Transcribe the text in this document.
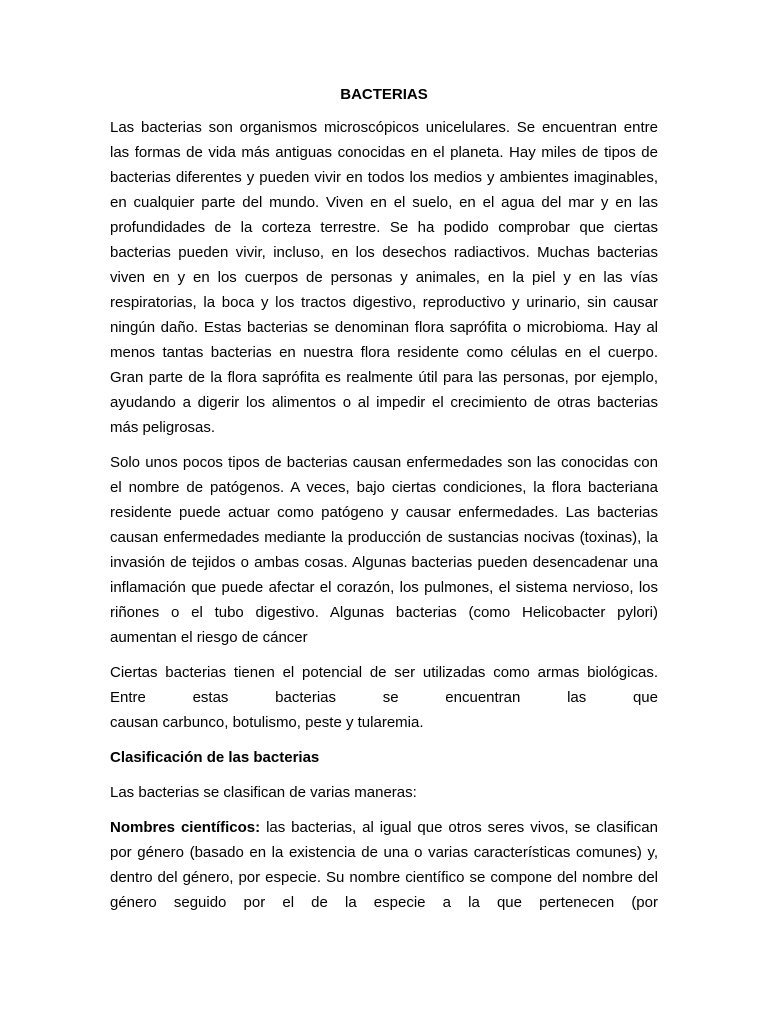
BACTERIAS

Las bacterias son organismos microscópicos unicelulares. Se encuentran entre las formas de vida más antiguas conocidas en el planeta. Hay miles de tipos de bacterias diferentes y pueden vivir en todos los medios y ambientes imaginables, en cualquier parte del mundo. Viven en el suelo, en el agua del mar y en las profundidades de la corteza terrestre. Se ha podido comprobar que ciertas bacterias pueden vivir, incluso, en los desechos radiactivos. Muchas bacterias viven en y en los cuerpos de personas y animales, en la piel y en las vías respiratorias, la boca y los tractos digestivo, reproductivo y urinario, sin causar ningún daño. Estas bacterias se denominan flora saprófita o microbioma. Hay al menos tantas bacterias en nuestra flora residente como células en el cuerpo. Gran parte de la flora saprófita es realmente útil para las personas, por ejemplo, ayudando a digerir los alimentos o al impedir el crecimiento de otras bacterias más peligrosas.

Solo unos pocos tipos de bacterias causan enfermedades son las conocidas con el nombre de patógenos. A veces, bajo ciertas condiciones, la flora bacteriana residente puede actuar como patógeno y causar enfermedades. Las bacterias causan enfermedades mediante la producción de sustancias nocivas (toxinas), la invasión de tejidos o ambas cosas. Algunas bacterias pueden desencadenar una inflamación que puede afectar el corazón, los pulmones, el sistema nervioso, los riñones o el tubo digestivo. Algunas bacterias (como Helicobacter pylori) aumentan el riesgo de cáncer

Ciertas bacterias tienen el potencial de ser utilizadas como armas biológicas.
Entre estas bacterias se encuentran las que
causan carbunco, botulismo, peste y tularemia.

Clasificación de las bacterias

Las bacterias se clasifican de varias maneras:

Nombres científicos: las bacterias, al igual que otros seres vivos, se clasifican por género (basado en la existencia de una o varias características comunes) y, dentro del género, por especie. Su nombre científico se compone del nombre del género seguido por el de la especie a la que pertenecen (por
